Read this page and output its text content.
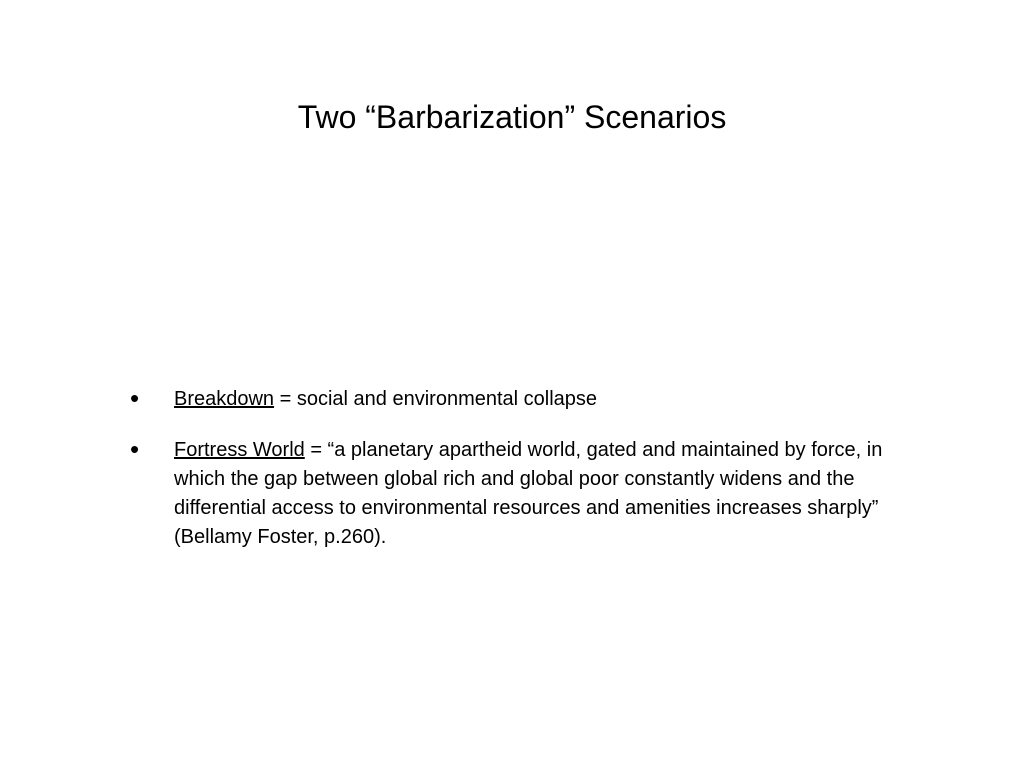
Two “Barbarization” Scenarios
• Breakdown = social and environmental collapse
• Fortress World = “a planetary apartheid world, gated and maintained by force, in which the gap between global rich and global poor constantly widens and the differential access to environmental resources and amenities increases sharply” (Bellamy Foster, p.260).
